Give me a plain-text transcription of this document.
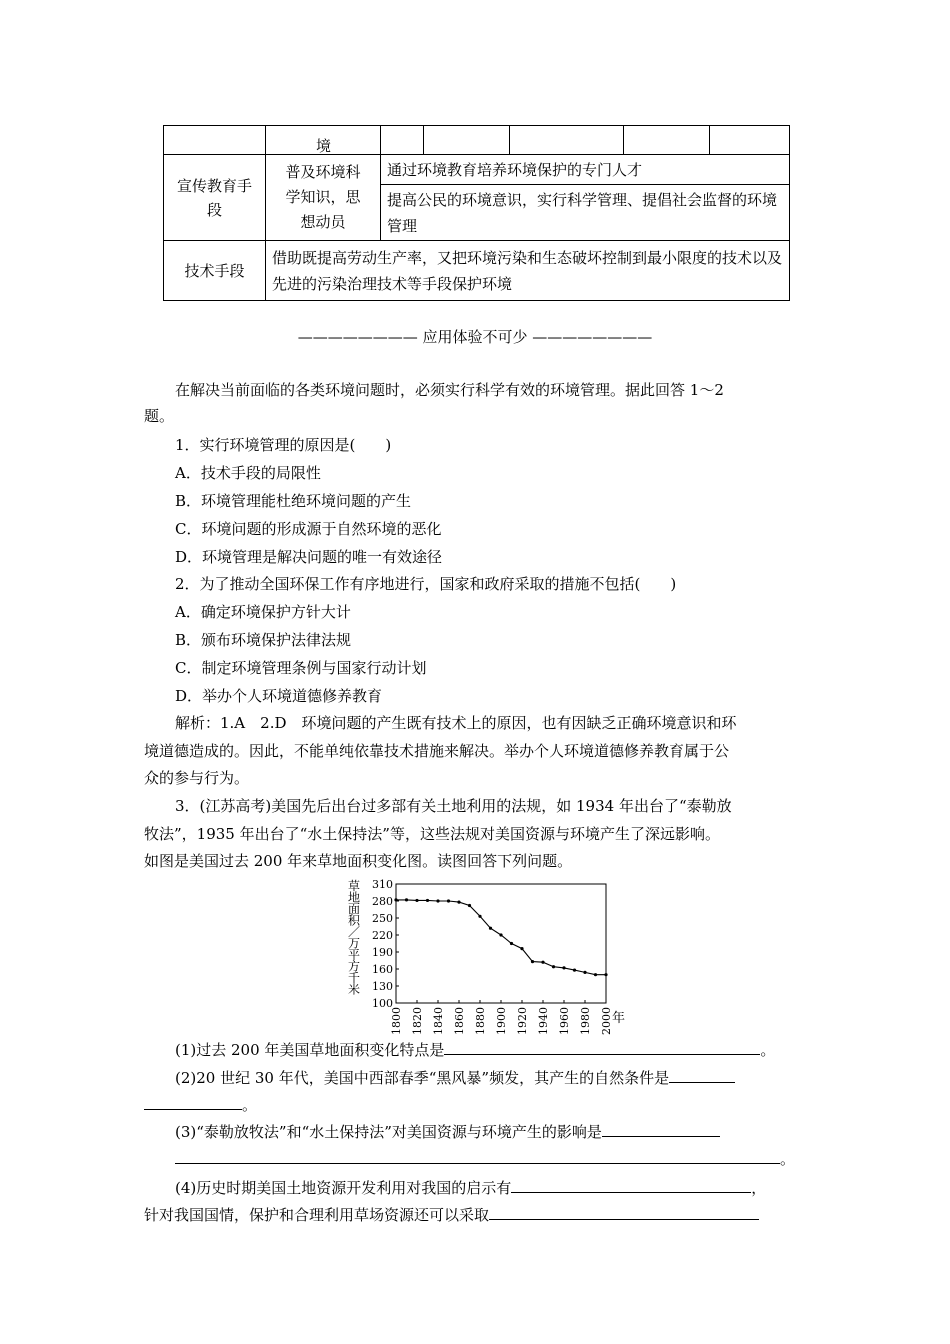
	境					
宣传教育手段	普及环境科学知识，思想动员	通过环境教育培养环境保护的专门人才				
		提高公民的环境意识，实行科学管理、提倡社会监督的环境管理				
技术手段	借助既提高劳动生产率，又把环境污染和生态破坏控制到最小限度的技术以及先进的污染治理技术等手段保护环境					
———————— 应用体验不可少 ————————
在解决当前面临的各类环境问题时，必须实行科学有效的环境管理。据此回答 1～2
题。
1．实行环境管理的原因是(　　)
A．技术手段的局限性
B．环境管理能杜绝环境问题的产生
C．环境问题的形成源于自然环境的恶化
D．环境管理是解决问题的唯一有效途径
2．为了推动全国环保工作有序地进行，国家和政府采取的措施不包括(　　)
A．确定环境保护方针大计
B．颁布环境保护法律法规
C．制定环境管理条例与国家行动计划
D．举办个人环境道德修养教育
解析：1.A　2.D　环境问题的产生既有技术上的原因，也有因缺乏正确环境意识和环
境道德造成的。因此，不能单纯依靠技术措施来解决。举办个人环境道德修养教育属于公
众的参与行为。
3．(江苏高考)美国先后出台过多部有关土地利用的法规，如 1934 年出台了“泰勒放
牧法”，1935 年出台了“水土保持法”等，这些法规对美国资源与环境产生了深远影响。
如图是美国过去 200 年来草地面积变化图。读图回答下列问题。
草
地
面
积
／
万
平
方
千
米
100
130
160
190
220
250
280
310
1800 1820 1840 1860 1880 1900 1920 1940 1960 1980 2000 年
(1)过去 200 年美国草地面积变化特点是	。
(2)20 世纪 30 年代，美国中西部春季“黑风暴”频发，其产生的自然条件是
。
(3)“泰勒放牧法”和“水土保持法”对美国资源与环境产生的影响是
。
(4)历史时期美国土地资源开发利用对我国的启示有	，
针对我国国情，保护和合理利用草场资源还可以采取
